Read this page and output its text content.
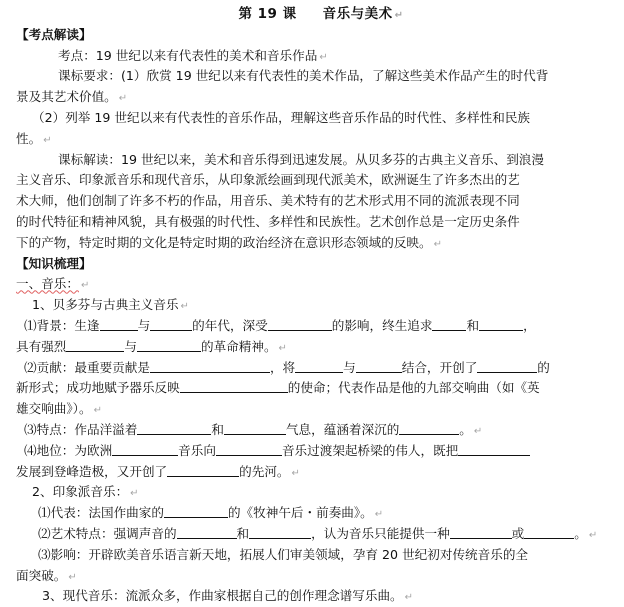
第 19 课 音乐与美术 ↵
【考点解读】
考点：19 世纪以来有代表性的美术和音乐作品 ↵
课标要求：(1）欣赏 19 世纪以来有代表性的美术作品，了解这些美术作品产生的时代背
景及其艺术价值。 ↵
（2）列举 19 世纪以来有代表性的音乐作品，理解这些音乐作品的时代性、多样性和民族
性。 ↵
课标解读：19 世纪以来，美术和音乐得到迅速发展。从贝多芬的古典主义音乐、到浪漫
主义音乐、印象派音乐和现代音乐，从印象派绘画到现代派美术，欧洲诞生了许多杰出的艺
术大师，他们创制了许多不朽的作品，用音乐、美术特有的艺术形式用不同的流派表现不同
的时代特征和精神风貌，具有极强的时代性、多样性和民族性。艺术创作总是一定历史条件
下的产物，特定时期的文化是特定时期的政治经济在意识形态领域的反映。 ↵
【知识梳理】
一、音乐： ↵
1、贝多芬与古典主义音乐 ↵
⑴背景：生逢	与	的年代，深受	的影响，终生追求	和	，
具有强烈	与	的革命精神。 ↵
⑵贡献：最重要贡献是	，将	与	结合，开创了	的
新形式；成功地赋予器乐反映	的使命；代表作品是他的九部交响曲（如《英
雄交响曲》）。 ↵
⑶特点：作品洋溢着	和	气息，蕴涵着深沉的	。 ↵
⑷地位：为欧洲	音乐向	音乐过渡架起桥梁的伟人，既把
发展到登峰造极，又开创了	的先河。 ↵
2、印象派音乐： ↵
⑴代表：法国作曲家的	的《牧神午后・前奏曲》。 ↵
⑵艺术特点：强调声音的	和	，认为音乐只能提供一种	或	。 ↵
⑶影响：开辟欧美音乐语言新天地，拓展人们审美领域，孕育 20 世纪初对传统音乐的全
面突破。 ↵
3、现代音乐：流派众多，作曲家根据自己的创作理念谱写乐曲。 ↵
